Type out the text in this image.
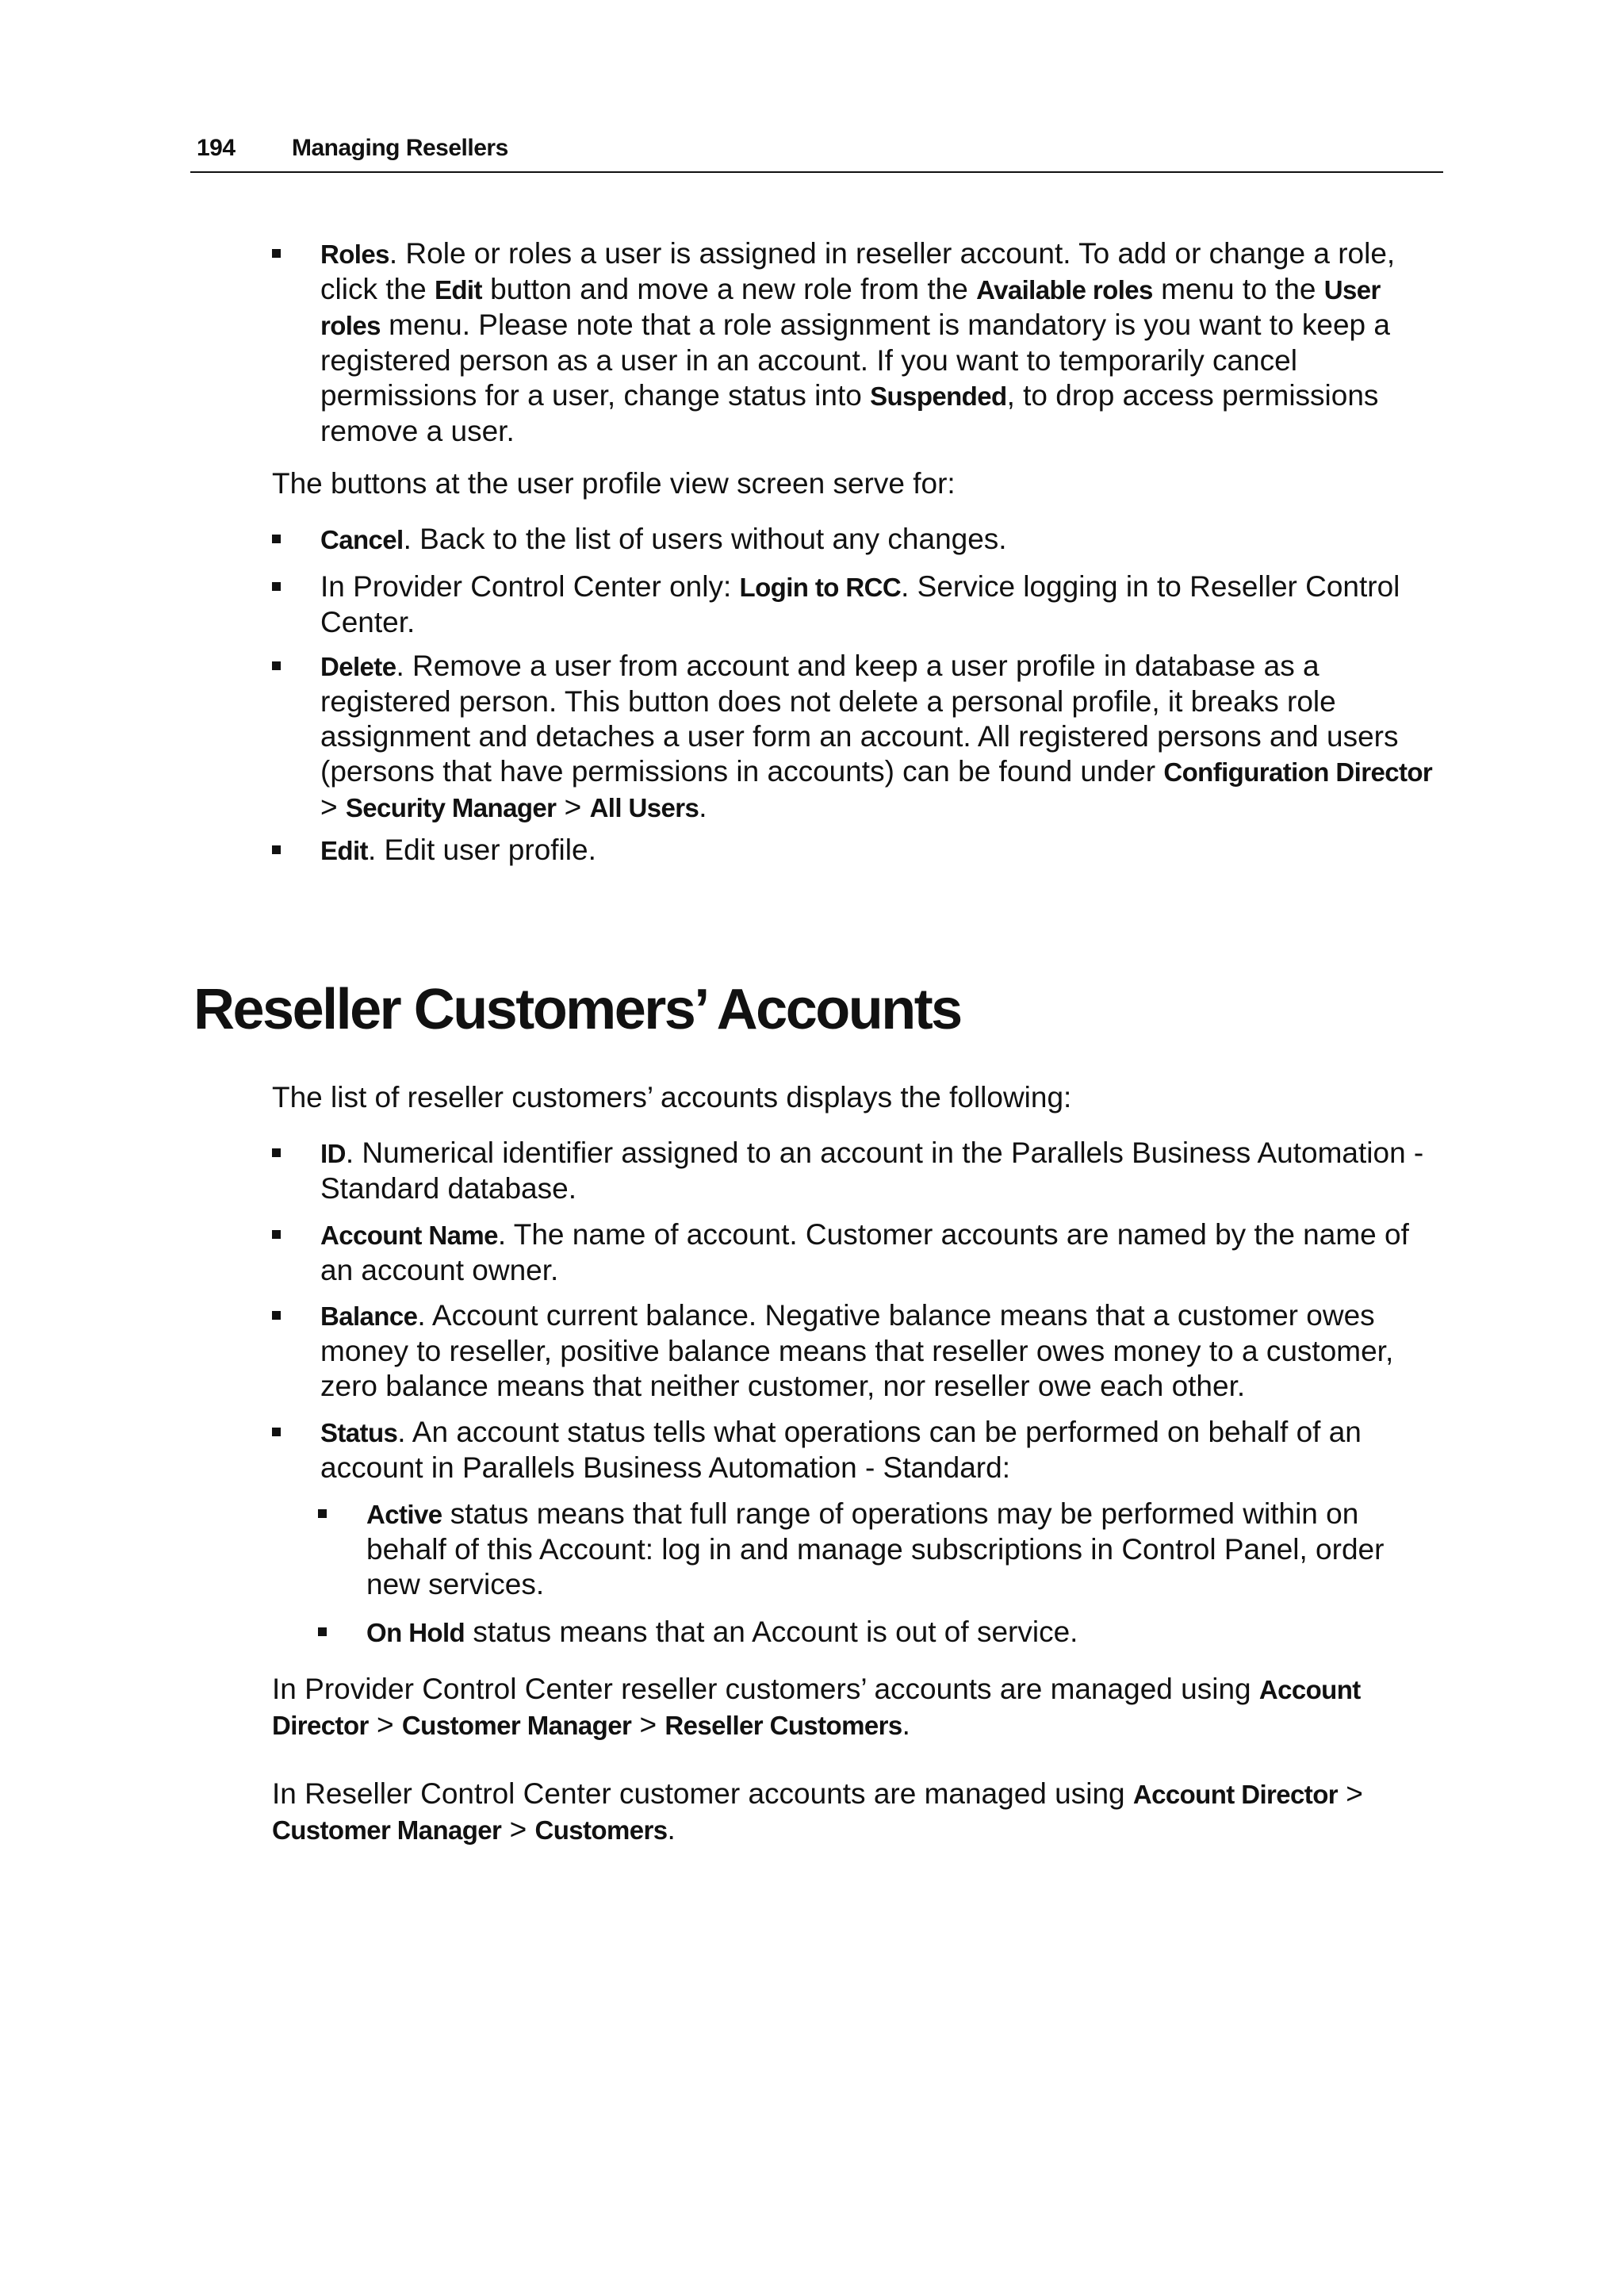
194 Managing Resellers
Roles. Role or roles a user is assigned in reseller account. To add or change a role, click the Edit button and move a new role from the Available roles menu to the User roles menu. Please note that a role assignment is mandatory is you want to keep a registered person as a user in an account. If you want to temporarily cancel permissions for a user, change status into Suspended, to drop access permissions remove a user.
The buttons at the user profile view screen serve for:
Cancel. Back to the list of users without any changes.
In Provider Control Center only: Login to RCC. Service logging in to Reseller Control Center.
Delete. Remove a user from account and keep a user profile in database as a registered person. This button does not delete a personal profile, it breaks role assignment and detaches a user form an account. All registered persons and users (persons that have permissions in accounts) can be found under Configuration Director > Security Manager > All Users.
Edit. Edit user profile.
Reseller Customers’ Accounts
The list of reseller customers’ accounts displays the following:
ID. Numerical identifier assigned to an account in the Parallels Business Automation - Standard database.
Account Name. The name of account. Customer accounts are named by the name of an account owner.
Balance. Account current balance. Negative balance means that a customer owes money to reseller, positive balance means that reseller owes money to a customer, zero balance means that neither customer, nor reseller owe each other.
Status. An account status tells what operations can be performed on behalf of an account in Parallels Business Automation - Standard:
Active status means that full range of operations may be performed within on behalf of this Account: log in and manage subscriptions in Control Panel, order new services.
On Hold status means that an Account is out of service.
In Provider Control Center reseller customers’ accounts are managed using Account Director > Customer Manager > Reseller Customers.
In Reseller Control Center customer accounts are managed using Account Director > Customer Manager > Customers.
